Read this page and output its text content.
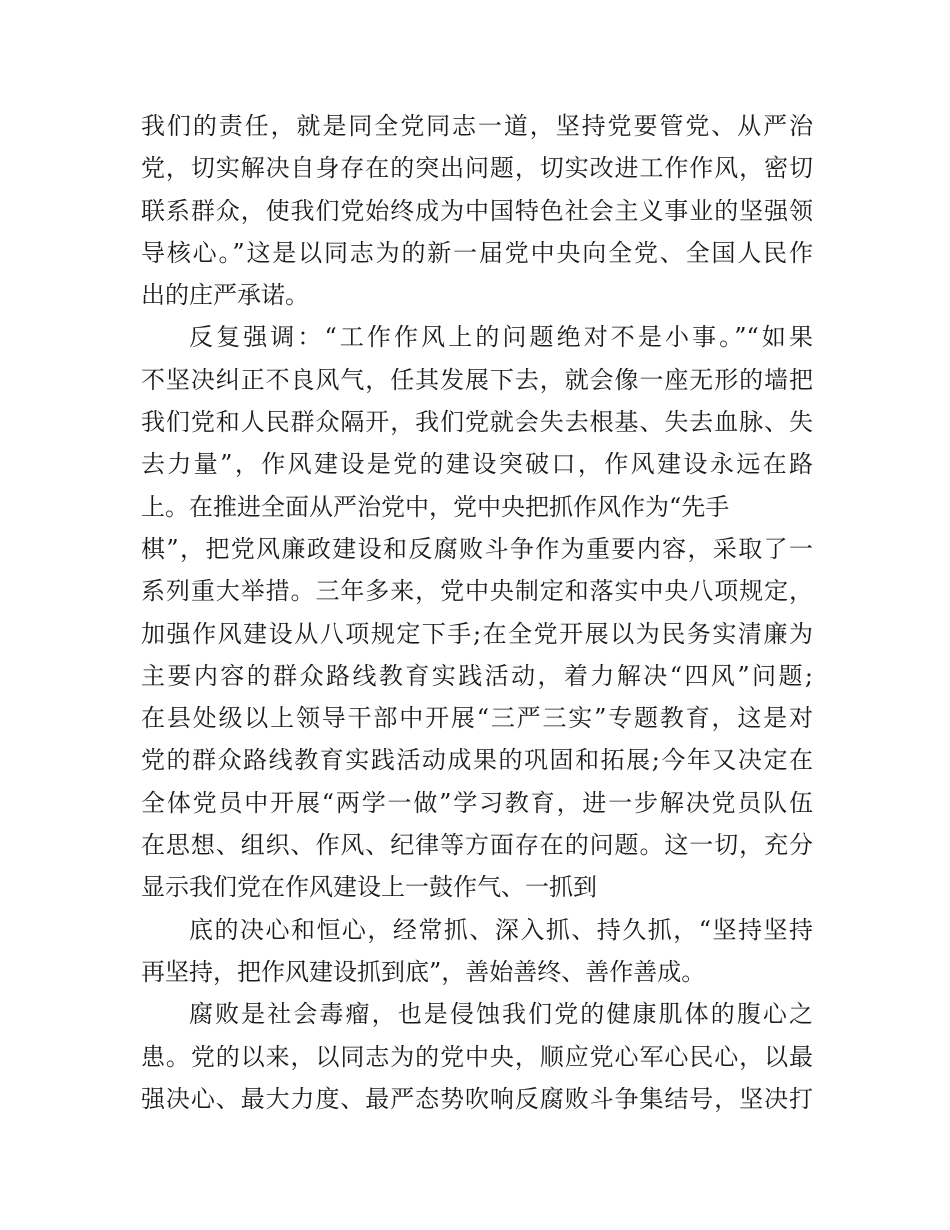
我们的责任，就是同全党同志一道，坚持党要管党、从严治
党，切实解决自身存在的突出问题，切实改进工作作风，密切
联系群众，使我们党始终成为中国特色社会主义事业的坚强领
导核心。”这是以同志为的新一届党中央向全党、全国人民作
出的庄严承诺。
反复强调：“工作作风上的问题绝对不是小事。”“如果
不坚决纠正不良风气，任其发展下去，就会像一座无形的墙把
我们党和人民群众隔开，我们党就会失去根基、失去血脉、失
去力量”，作风建设是党的建设突破口，作风建设永远在路
上。在推进全面从严治党中，党中央把抓作风作为“先手
棋”，把党风廉政建设和反腐败斗争作为重要内容，采取了一
系列重大举措。三年多来，党中央制定和落实中央八项规定，
加强作风建设从八项规定下手;在全党开展以为民务实清廉为
主要内容的群众路线教育实践活动，着力解决“四风”问题;
在县处级以上领导干部中开展“三严三实”专题教育，这是对
党的群众路线教育实践活动成果的巩固和拓展;今年又决定在
全体党员中开展“两学一做”学习教育，进一步解决党员队伍
在思想、组织、作风、纪律等方面存在的问题。这一切，充分
显示我们党在作风建设上一鼓作气、一抓到
底的决心和恒心，经常抓、深入抓、持久抓，“坚持坚持
再坚持，把作风建设抓到底”，善始善终、善作善成。
腐败是社会毒瘤，也是侵蚀我们党的健康肌体的腹心之
患。党的以来，以同志为的党中央，顺应党心军心民心，以最
强决心、最大力度、最严态势吹响反腐败斗争集结号，坚决打
